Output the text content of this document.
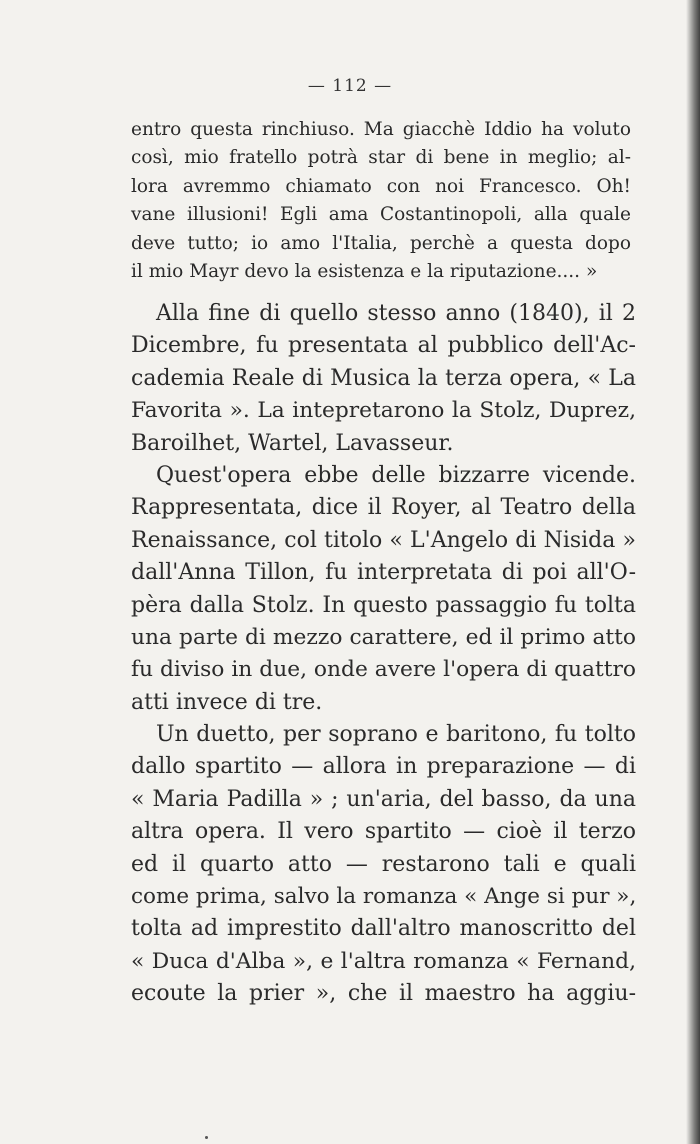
— 112 —
entro questa rinchiuso. Ma giacchè Iddio ha voluto
così, mio fratello potrà star di bene in meglio; al-
lora avremmo chiamato con noi Francesco. Oh!
vane illusioni! Egli ama Costantinopoli, alla quale
deve tutto; io amo l'Italia, perchè a questa dopo
il mio Mayr devo la esistenza e la riputazione.... »
Alla fine di quello stesso anno (1840), il 2
Dicembre, fu presentata al pubblico dell'Ac-
cademia Reale di Musica la terza opera, « La
Favorita ». La intepretarono la Stolz, Duprez,
Baroilhet, Wartel, Lavasseur.
Quest'opera ebbe delle bizzarre vicende.
Rappresentata, dice il Royer, al Teatro della
Renaissance, col titolo « L'Angelo di Nisida »
dall'Anna Tillon, fu interpretata di poi all'O-
pèra dalla Stolz. In questo passaggio fu tolta
una parte di mezzo carattere, ed il primo atto
fu diviso in due, onde avere l'opera di quattro
atti invece di tre.
Un duetto, per soprano e baritono, fu tolto
dallo spartito — allora in preparazione — di
« Maria Padilla » ; un'aria, del basso, da una
altra opera. Il vero spartito — cioè il terzo
ed il quarto atto — restarono tali e quali
come prima, salvo la romanza « Ange si pur »,
tolta ad imprestito dall'altro manoscritto del
« Duca d'Alba », e l'altra romanza « Fernand,
ecoute la prier », che il maestro ha aggiu-
